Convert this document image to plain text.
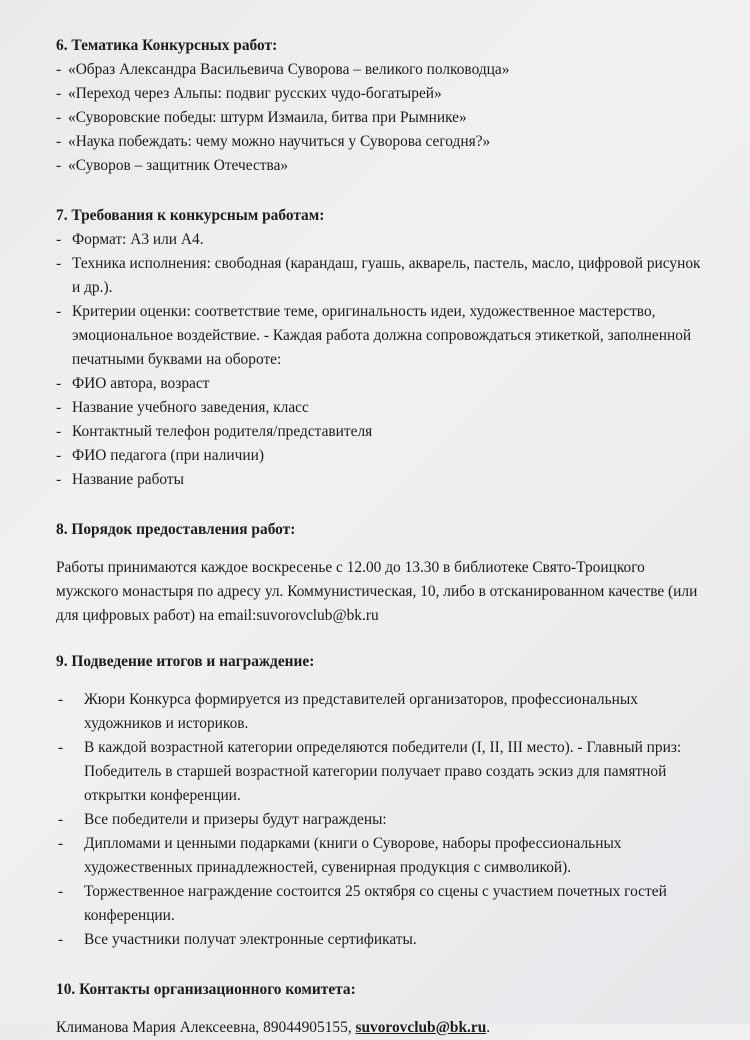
6. Тематика Конкурсных работ:

- «Образ Александра Васильевича Суворова – великого полководца»
- «Переход через Альпы: подвиг русских чудо-богатырей»
- «Суворовские победы: штурм Измаила, битва при Рымнике»
- «Наука побеждать: чему можно научиться у Суворова сегодня?»
- «Суворов – защитник Отечества»

7. Требования к конкурсным работам:

- Формат: А3 или А4.
- Техника исполнения: свободная (карандаш, гуашь, акварель, пастель, масло, цифровой рисунок и др.).
- Критерии оценки: соответствие теме, оригинальность идеи, художественное мастерство, эмоциональное воздействие. - Каждая работа должна сопровождаться этикеткой, заполненной печатными буквами на обороте:
- ФИО автора, возраст
- Название учебного заведения, класс
- Контактный телефон родителя/представителя
- ФИО педагога (при наличии)
- Название работы

8. Порядок предоставления работ:

Работы принимаются каждое воскресенье с 12.00 до 13.30 в библиотеке Свято-Троицкого мужского монастыря по адресу ул. Коммунистическая, 10, либо в отсканированном качестве (или для цифровых работ) на email:suvorovclub@bk.ru

9. Подведение итогов и награждение:

- Жюри Конкурса формируется из представителей организаторов, профессиональных художников и историков.
- В каждой возрастной категории определяются победители (I, II, III место). - Главный приз: Победитель в старшей возрастной категории получает право создать эскиз для памятной открытки конференции.
- Все победители и призеры будут награждены:
- Дипломами и ценными подарками (книги о Суворове, наборы профессиональных художественных принадлежностей, сувенирная продукция с символикой).
- Торжественное награждение состоится 25 октября со сцены с участием почетных гостей конференции.
- Все участники получат электронные сертификаты.

10. Контакты организационного комитета:

Климанова Мария Алексеевна, 89044905155, suvorovclub@bk.ru.
